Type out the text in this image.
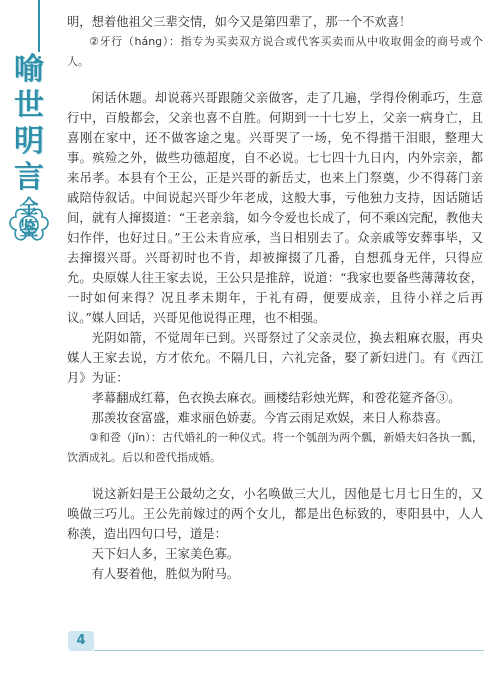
喻
世
明
言
全
鉴

明，想着他祖父三辈交情，如今又是第四辈了，那一个不欢喜！

②牙行（háng）：指专为买卖双方说合或代客买卖而从中收取佣金的商号或个人。

闲话休题。却说蒋兴哥跟随父亲做客，走了几遍，学得伶俐乖巧，生意行中，百般都会，父亲也喜不自胜。何期到一十七岁上，父亲一病身亡，且喜刚在家中，还不做客途之鬼。兴哥哭了一场，免不得揩干泪眼，整理大事。殡殓之外，做些功德超度，自不必说。七七四十九日内，内外宗亲，都来吊孝。本县有个王公，正是兴哥的新岳丈，也来上门祭奠，少不得蒋门亲戚陪侍叙话。中间说起兴哥少年老成，这般大事，亏他独力支持，因话随话间，就有人撺掇道：“王老亲翁，如今令爱也长成了，何不乘凶完配，教他夫妇作伴，也好过日。”王公未肯应承，当日相别去了。众亲戚等安葬事毕，又去撺掇兴哥。兴哥初时也不肯，却被撺掇了几番，自想孤身无伴，只得应允。央原媒人往王家去说，王公只是推辞，说道：“我家也要备些薄薄妆奁，一时如何来得？况且孝未期年，于礼有碍，便要成亲，且待小祥之后再议。”媒人回话，兴哥见他说得正理，也不相强。

光阴如箭，不觉周年已到。兴哥祭过了父亲灵位，换去粗麻衣服，再央媒人王家去说，方才依允。不隔几日，六礼完备，娶了新妇进门。有《西江月》为证：

孝幕翻成红幕，色衣换去麻衣。画楼结彩烛光辉，和卺花筵齐备③。

那羡妆奁富盛，难求丽色娇妻。今宵云雨足欢娱，来日人称恭喜。

③和卺（jǐn）：古代婚礼的一种仪式。将一个瓠剖为两个瓢，新婚夫妇各执一瓢，饮酒成礼。后以和卺代指成婚。

说这新妇是王公最幼之女，小名唤做三大儿，因他是七月七日生的，又唤做三巧儿。王公先前嫁过的两个女儿，都是出色标致的，枣阳县中，人人称羡，造出四句口号，道是：

天下妇人多，王家美色寡。

有人娶着他，胜似为附马。

4
